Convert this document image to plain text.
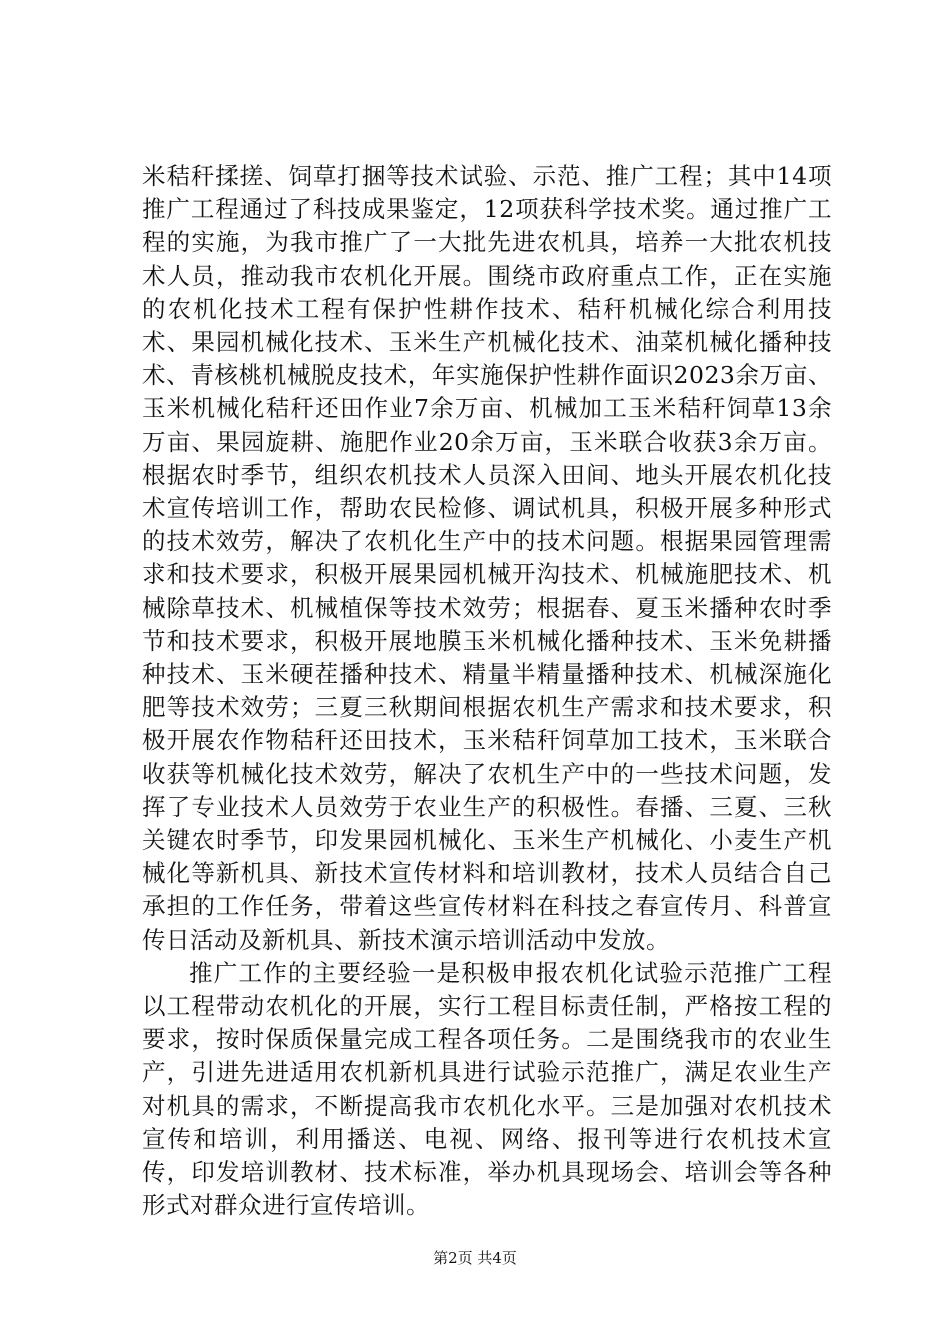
米秸秆揉搓、饲草打捆等技术试验、示范、推广工程；其中14项推广工程通过了科技成果鉴定，12项获科学技术奖。通过推广工程的实施，为我市推广了一大批先进农机具，培养一大批农机技术人员，推动我市农机化开展。围绕市政府重点工作，正在实施的农机化技术工程有保护性耕作技术、秸秆机械化综合利用技术、果园机械化技术、玉米生产机械化技术、油菜机械化播种技术、青核桃机械脱皮技术，年实施保护性耕作面识2023余万亩、玉米机械化秸秆还田作业7余万亩、机械加工玉米秸秆饲草13余万亩、果园旋耕、施肥作业20余万亩，玉米联合收获3余万亩。根据农时季节，组织农机技术人员深入田间、地头开展农机化技术宣传培训工作，帮助农民检修、调试机具，积极开展多种形式的技术效劳，解决了农机化生产中的技术问题。根据果园管理需求和技术要求，积极开展果园机械开沟技术、机械施肥技术、机械除草技术、机械植保等技术效劳；根据春、夏玉米播种农时季节和技术要求，积极开展地膜玉米机械化播种技术、玉米免耕播种技术、玉米硬茬播种技术、精量半精量播种技术、机械深施化肥等技术效劳；三夏三秋期间根据农机生产需求和技术要求，积极开展农作物秸秆还田技术，玉米秸秆饲草加工技术，玉米联合收获等机械化技术效劳，解决了农机生产中的一些技术问题，发挥了专业技术人员效劳于农业生产的积极性。春播、三夏、三秋关键农时季节，印发果园机械化、玉米生产机械化、小麦生产机械化等新机具、新技术宣传材料和培训教材，技术人员结合自己承担的工作任务，带着这些宣传材料在科技之春宣传月、科普宣传日活动及新机具、新技术演示培训活动中发放。

推广工作的主要经验一是积极申报农机化试验示范推广工程以工程带动农机化的开展，实行工程目标责任制，严格按工程的要求，按时保质保量完成工程各项任务。二是围绕我市的农业生产，引进先进适用农机新机具进行试验示范推广，满足农业生产对机具的需求，不断提高我市农机化水平。三是加强对农机技术宣传和培训，利用播送、电视、网络、报刊等进行农机技术宣传，印发培训教材、技术标准，举办机具现场会、培训会等各种形式对群众进行宣传培训。

第2页 共4页
